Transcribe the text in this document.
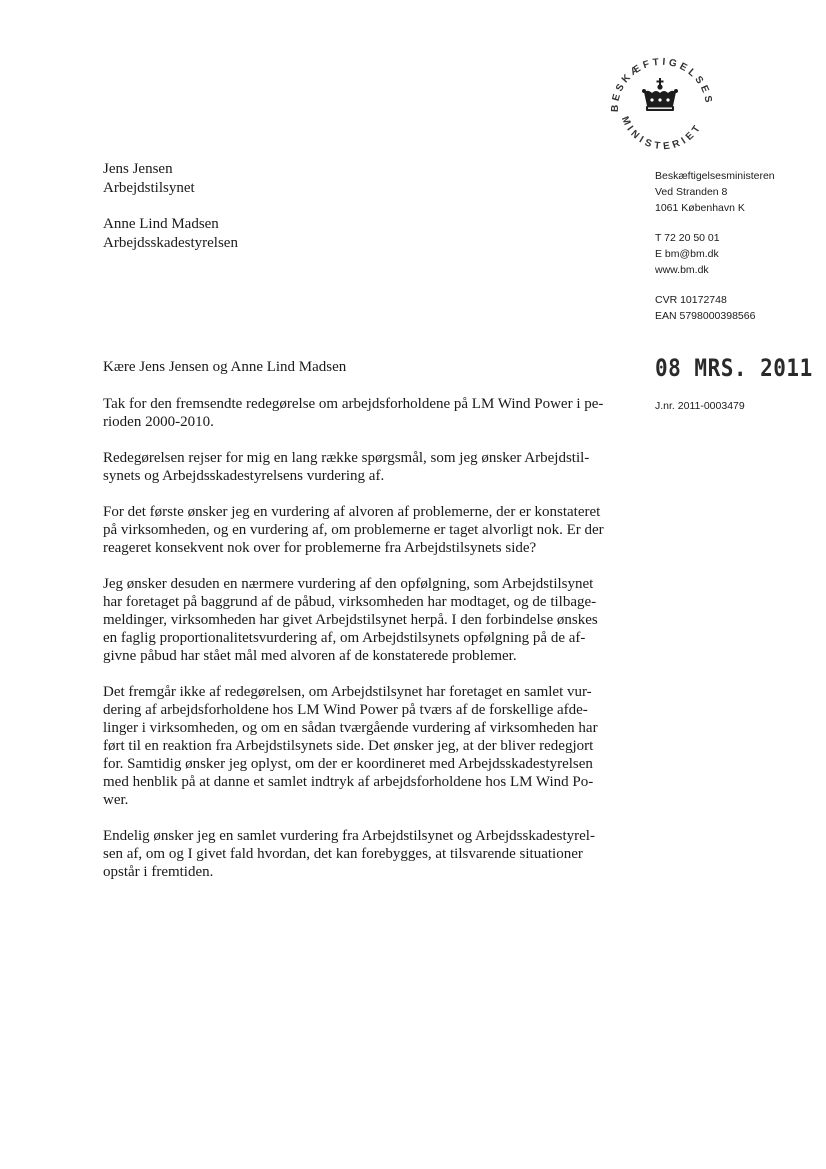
BESKÆFTIGELSES
MINISTERIET
Jens Jensen
Arbejdstilsynet
Anne Lind Madsen
Arbejdsskadestyrelsen
Beskæftigelsesministeren
Ved Stranden 8
1061 København K
T 72 20 50 01
E bm@bm.dk
www.bm.dk
CVR 10172748
EAN 5798000398566
08 MRS. 2011
J.nr. 2011-0003479
Kære Jens Jensen og Anne Lind Madsen

Tak for den fremsendte redegørelse om arbejdsforholdene på LM Wind Power i pe-
rioden 2000-2010.

Redegørelsen rejser for mig en lang række spørgsmål, som jeg ønsker Arbejdstil-
synets og Arbejdsskadestyrelsens vurdering af.

For det første ønsker jeg en vurdering af alvoren af problemerne, der er konstateret
på virksomheden, og en vurdering af, om problemerne er taget alvorligt nok. Er der
reageret konsekvent nok over for problemerne fra Arbejdstilsynets side?

Jeg ønsker desuden en nærmere vurdering af den opfølgning, som Arbejdstilsynet
har foretaget på baggrund af de påbud, virksomheden har modtaget, og de tilbage-
meldinger, virksomheden har givet Arbejdstilsynet herpå. I den forbindelse ønskes
en faglig proportionalitetsvurdering af, om Arbejdstilsynets opfølgning på de af-
givne påbud har stået mål med alvoren af de konstaterede problemer.

Det fremgår ikke af redegørelsen, om Arbejdstilsynet har foretaget en samlet vur-
dering af arbejdsforholdene hos LM Wind Power på tværs af de forskellige afde-
linger i virksomheden, og om en sådan tværgående vurdering af virksomheden har
ført til en reaktion fra Arbejdstilsynets side. Det ønsker jeg, at der bliver redegjort
for. Samtidig ønsker jeg oplyst, om der er koordineret med Arbejdsskadestyrelsen
med henblik på at danne et samlet indtryk af arbejdsforholdene hos LM Wind Po-
wer.

Endelig ønsker jeg en samlet vurdering fra Arbejdstilsynet og Arbejdsskadestyrel-
sen af, om og I givet fald hvordan, det kan forebygges, at tilsvarende situationer
opstår i fremtiden.
